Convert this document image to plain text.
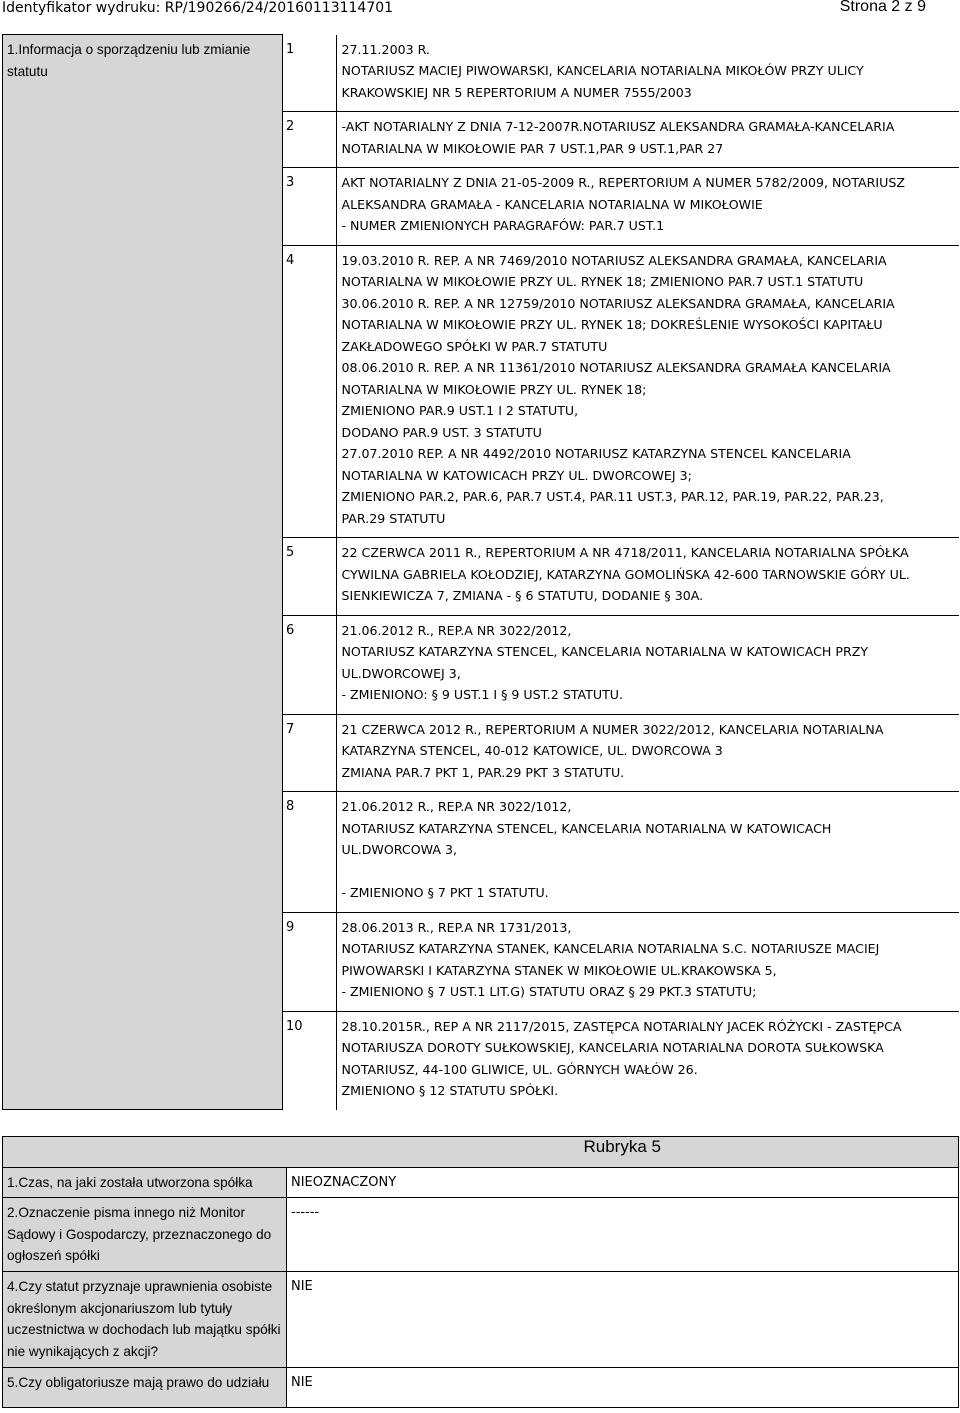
Identyfikator wydruku: RP/190266/24/20160113114701	Strona 2 z 9
1.Informacja o sporządzeniu lub zmianie statutu

1	27.11.2003 R.
NOTARIUSZ MACIEJ PIWOWARSKI, KANCELARIA NOTARIALNA MIKOŁÓW PRZY ULICY
KRAKOWSKIEJ NR 5 REPERTORIUM A NUMER 7555/2003

2	-AKT NOTARIALNY Z DNIA 7-12-2007R.NOTARIUSZ ALEKSANDRA GRAMAŁA-KANCELARIA
NOTARIALNA W MIKOŁOWIE PAR 7 UST.1,PAR 9 UST.1,PAR 27

3	AKT NOTARIALNY Z DNIA 21-05-2009 R., REPERTORIUM A NUMER 5782/2009, NOTARIUSZ
ALEKSANDRA GRAMAŁA - KANCELARIA NOTARIALNA W MIKOŁOWIE
- NUMER ZMIENIONYCH PARAGRAFÓW: PAR.7 UST.1

4	19.03.2010 R. REP. A NR 7469/2010 NOTARIUSZ ALEKSANDRA GRAMAŁA, KANCELARIA
NOTARIALNA W MIKOŁOWIE PRZY UL. RYNEK 18; ZMIENIONO PAR.7 UST.1 STATUTU
30.06.2010 R. REP. A NR 12759/2010 NOTARIUSZ ALEKSANDRA GRAMAŁA, KANCELARIA
NOTARIALNA W MIKOŁOWIE PRZY UL. RYNEK 18; DOKREŚLENIE WYSOKOŚCI KAPITAŁU
ZAKŁADOWEGO SPÓŁKI W PAR.7 STATUTU
08.06.2010 R. REP. A NR 11361/2010 NOTARIUSZ ALEKSANDRA GRAMAŁA KANCELARIA
NOTARIALNA W MIKOŁOWIE PRZY UL. RYNEK 18;
ZMIENIONO PAR.9 UST.1 I 2 STATUTU,
DODANO PAR.9 UST. 3 STATUTU
27.07.2010 REP. A NR 4492/2010 NOTARIUSZ KATARZYNA STENCEL KANCELARIA
NOTARIALNA W KATOWICACH PRZY UL. DWORCOWEJ 3;
ZMIENIONO PAR.2, PAR.6, PAR.7 UST.4, PAR.11 UST.3, PAR.12, PAR.19, PAR.22, PAR.23,
PAR.29 STATUTU

5	22 CZERWCA 2011 R., REPERTORIUM A NR 4718/2011, KANCELARIA NOTARIALNA SPÓŁKA
CYWILNA GABRIELA KOŁODZIEJ, KATARZYNA GOMOLIŃSKA 42-600 TARNOWSKIE GÓRY UL.
SIENKIEWICZA 7, ZMIANA - § 6 STATUTU, DODANIE § 30A.

6	21.06.2012 R., REP.A NR 3022/2012,
NOTARIUSZ KATARZYNA STENCEL, KANCELARIA NOTARIALNA W KATOWICACH PRZY
UL.DWORCOWEJ 3,
- ZMIENIONO: § 9 UST.1 I § 9 UST.2 STATUTU.

7	21 CZERWCA 2012 R., REPERTORIUM A NUMER 3022/2012, KANCELARIA NOTARIALNA
KATARZYNA STENCEL, 40-012 KATOWICE, UL. DWORCOWA 3
ZMIANA PAR.7 PKT 1, PAR.29 PKT 3 STATUTU.

8	21.06.2012 R., REP.A NR 3022/1012,
NOTARIUSZ KATARZYNA STENCEL, KANCELARIA NOTARIALNA W KATOWICACH
UL.DWORCOWA 3,

- ZMIENIONO § 7 PKT 1 STATUTU.

9	28.06.2013 R., REP.A NR 1731/2013,
NOTARIUSZ KATARZYNA STANEK, KANCELARIA NOTARIALNA S.C. NOTARIUSZE MACIEJ
PIWOWARSKI I KATARZYNA STANEK W MIKOŁOWIE UL.KRAKOWSKA 5,
- ZMIENIONO § 7 UST.1 LIT.G) STATUTU ORAZ § 29 PKT.3 STATUTU;

10	28.10.2015R., REP A NR 2117/2015, ZASTĘPCA NOTARIALNY JACEK RÓŻYCKI - ZASTĘPCA
NOTARIUSZA DOROTY SUŁKOWSKIEJ, KANCELARIA NOTARIALNA DOROTA SUŁKOWSKA
NOTARIUSZ, 44-100 GLIWICE, UL. GÓRNYCH WAŁÓW 26.
ZMIENIONO § 12 STATUTU SPÓŁKI.
	Rubryka 5

1.Czas, na jaki została utworzona spółka	NIEOZNACZONY

2.Oznaczenie pisma innego niż Monitor Sądowy i Gospodarczy, przeznaczonego do ogłoszeń spółki	------

4.Czy statut przyznaje uprawnienia osobiste określonym akcjonariuszom lub tytuły uczestnictwa w dochodach lub majątku spółki nie wynikających z akcji?	NIE

5.Czy obligatoriusze mają prawo do udziału	NIE
